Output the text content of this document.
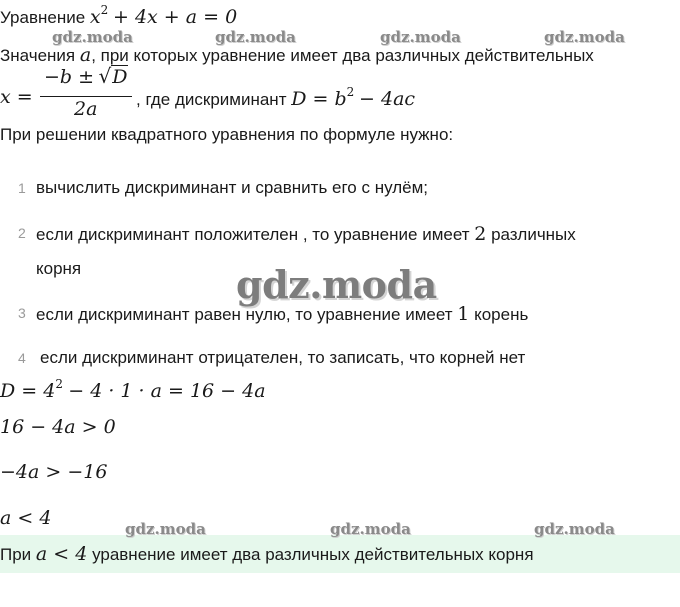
Уравнение $x^2 + 4x + a = 0$
gdz.moda	gdz.moda	gdz.moda	gdz.moda
Значения a, при которых уравнение имеет два различных действительных
x =
−b ± √D
2a , где дискриминант $D = b^2 - 4ac$
При решении квадратного уравнения по формуле нужно:
1 вычислить дискриминант и сравнить его с нулём;
2 если дискриминант положителен , то уравнение имеет 2 различных
корня	gdz.moda
3 если дискриминант равен нулю, то уравнение имеет 1 корень
4 если дискриминант отрицателен, то записать, что корней нет
$D = 4^2 - 4 \cdot 1 \cdot a = 16 - 4a$
16 − 4a > 0
−4a > −16
a < 4	gdz.moda	gdz.moda	gdz.moda
При a < 4 уравнение имеет два различных действительных корня
